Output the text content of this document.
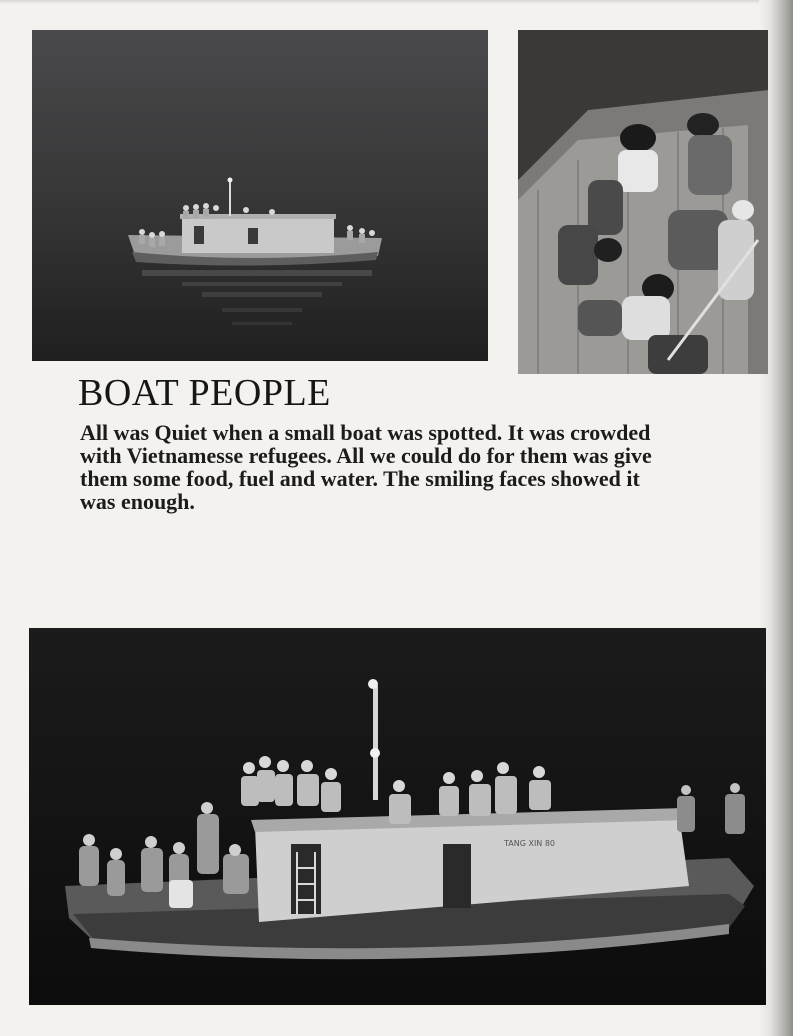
BOAT PEOPLE

All was Quiet when a small boat was spotted. It was crowded
with Vietnamesse refugees. All we could do for them was give
them some food, fuel and water. The smiling faces showed it
was enough.

TANG XIN 80
